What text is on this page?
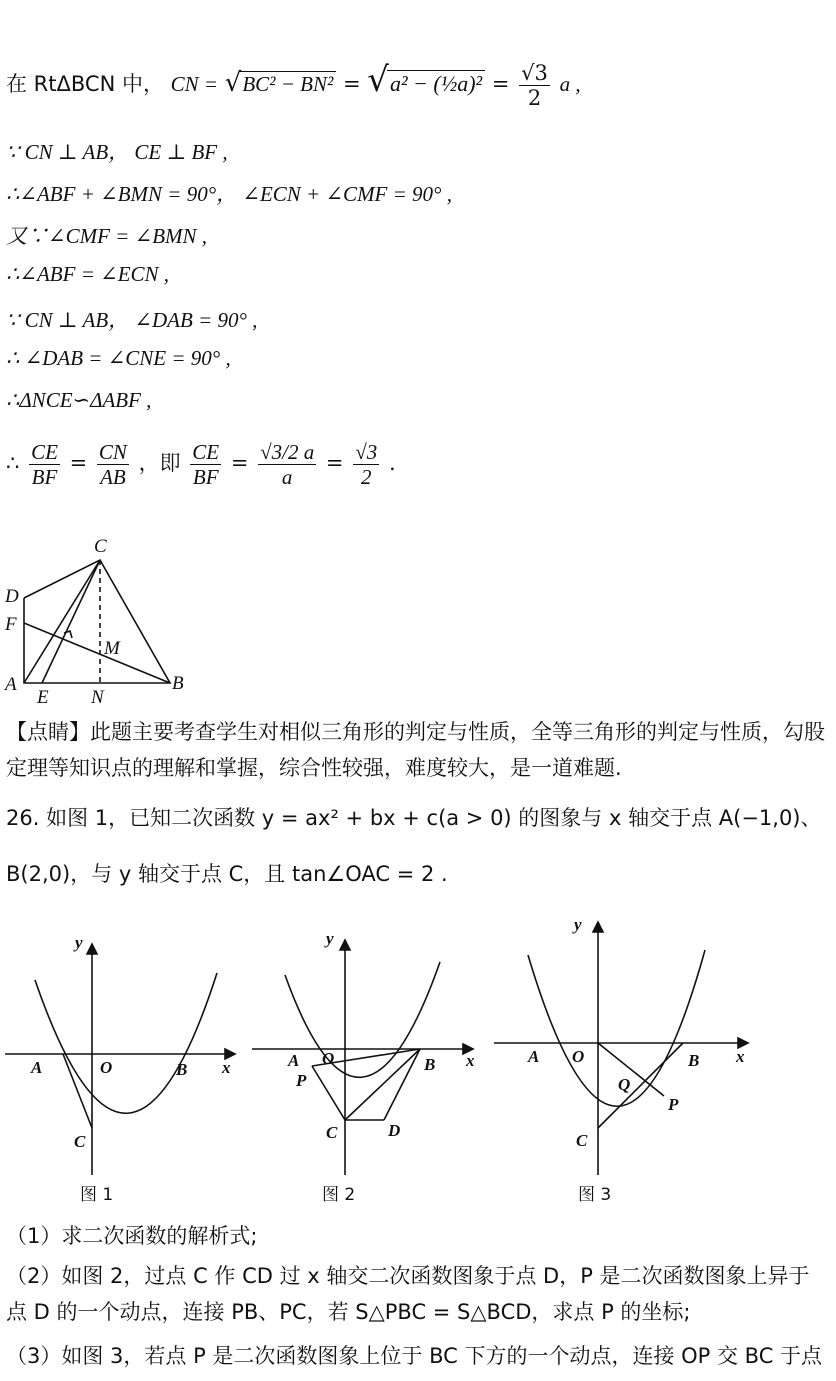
在 RtΔBCN 中， CN = √BC² − BN² = √a² − (½a)² = $\frac{√3}{2}$ a ,
∵ CN ⊥ AB， CE ⊥ BF ,
∴∠ABF + ∠BMN = 90°， ∠ECN + ∠CMF = 90° ,
又∵∠CMF = ∠BMN ,
∴∠ABF = ∠ECN ,
∵ CN ⊥ AB， ∠DAB = 90° ,
∴ ∠DAB = ∠CNE = 90° ,
∴ΔNCE∽ΔABF ,
∴ $\frac{CE}{BF} = \frac{CN}{AB}$ ，即 $\frac{CE}{BF} = \frac{√3/2 a}{a} = \frac{√3}{2}$ .
C
D
F
M
A
E N
B
【点睛】此题主要考查学生对相似三角形的判定与性质，全等三角形的判定与性质，勾股定理等知识点的理解和掌握，综合性较强，难度较大，是一道难题.
26. 如图 1，已知二次函数 y = ax² + bx + c(a > 0) 的图象与 x 轴交于点 A(−1,0)、
B(2,0)，与 y 轴交于点 C，且 tan∠OAC = 2 .
y
x
A	O	B
C
图 1
y
x
A O	B
P
C	D
图 2
y
x
A O	B
Q
P
C
图 3
（1）求二次函数的解析式;
（2）如图 2，过点 C 作 CD 过 x 轴交二次函数图象于点 D，P 是二次函数图象上异于点 D 的一个动点，连接 PB、PC，若 S△PBC = S△BCD，求点 P 的坐标;
（3）如图 3，若点 P 是二次函数图象上位于 BC 下方的一个动点，连接 OP 交 BC 于点
